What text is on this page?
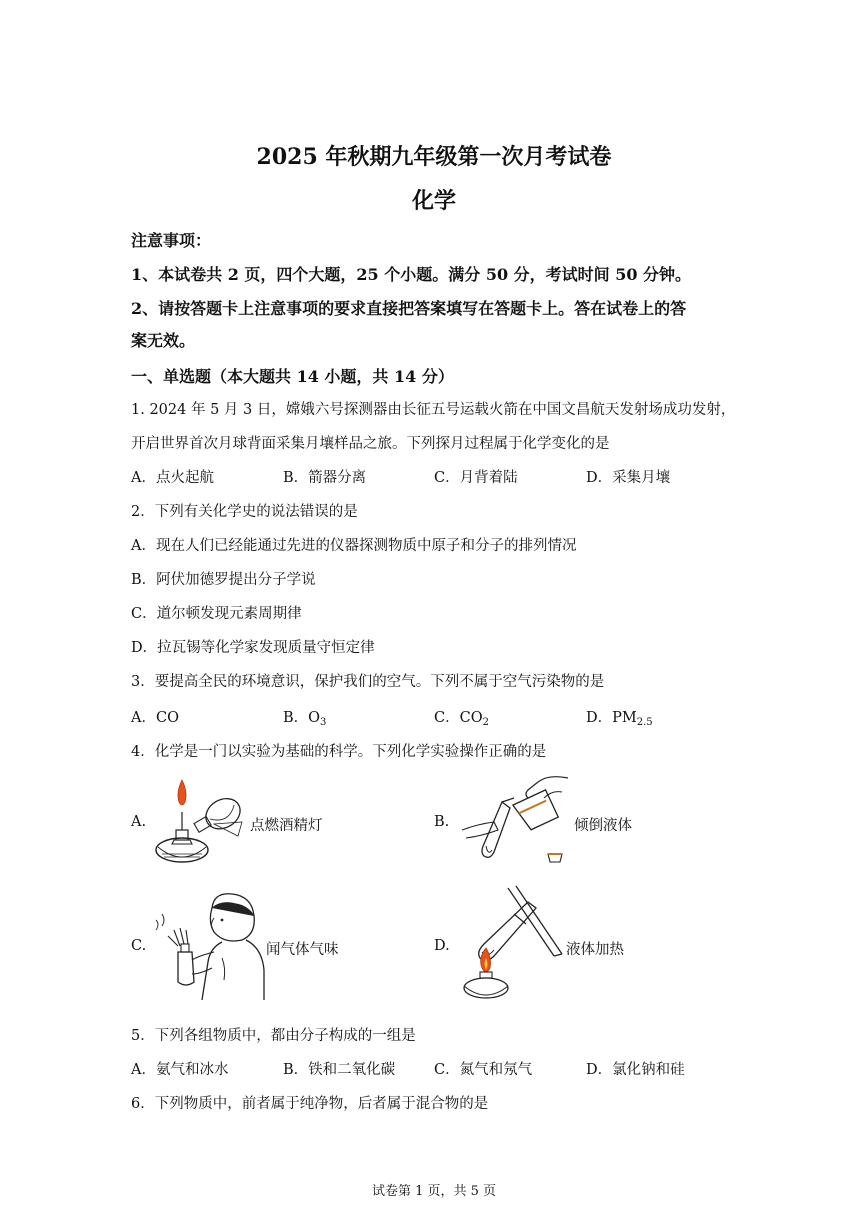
2025 年秋期九年级第一次月考试卷
化学
注意事项：
1、本试卷共 2 页，四个大题，25 个小题。满分 50 分，考试时间 50 分钟。
2、请按答题卡上注意事项的要求直接把答案填写在答题卡上。答在试卷上的答
案无效。
一、单选题（本大题共 14 小题，共 14 分）
1. 2024 年 5 月 3 日，嫦娥六号探测器由长征五号运载火箭在中国文昌航天发射场成功发射，
开启世界首次月球背面采集月壤样品之旅。下列探月过程属于化学变化的是
A．点火起航	B．箭器分离	C．月背着陆	D．采集月壤
2．下列有关化学史的说法错误的是
A．现在人们已经能通过先进的仪器探测物质中原子和分子的排列情况
B．阿伏加德罗提出分子学说
C．道尔顿发现元素周期律
D．拉瓦锡等化学家发现质量守恒定律
3．要提高全民的环境意识，保护我们的空气。下列不属于空气污染物的是
A．CO	B．$O_3$	C．$CO_2$	D．$PM_{2.5}$
4．化学是一门以实验为基础的科学。下列化学实验操作正确的是
A.	点燃酒精灯	B.	倾倒液体
C.	闻气体气味	D.	液体加热
5．下列各组物质中，都由分子构成的一组是
A．氨气和冰水	B．铁和二氧化碳	C．氮气和氖气	D．氯化钠和硅
6．下列物质中，前者属于纯净物，后者属于混合物的是
试卷第 1 页，共 5 页
